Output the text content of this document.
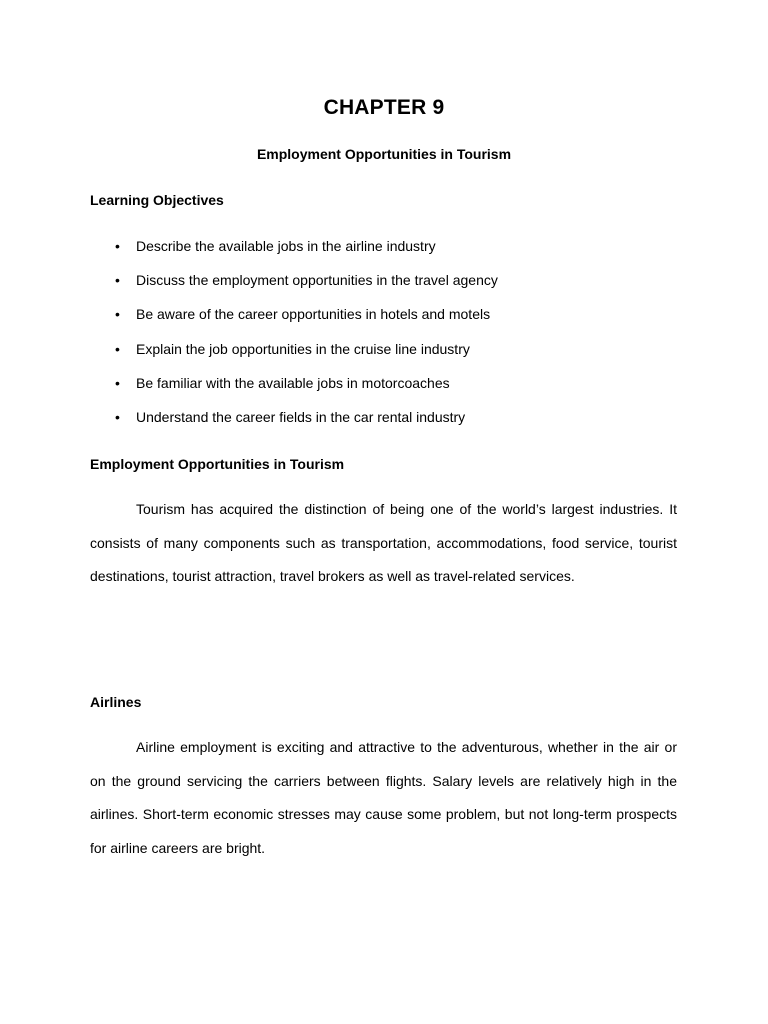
CHAPTER 9
Employment Opportunities in Tourism
Learning Objectives
• Describe the available jobs in the airline industry
• Discuss the employment opportunities in the travel agency
• Be aware of the career opportunities in hotels and motels
• Explain the job opportunities in the cruise line industry
• Be familiar with the available jobs in motorcoaches
• Understand the career fields in the car rental industry
Employment Opportunities in Tourism

Tourism has acquired the distinction of being one of the world’s largest industries. It consists of many components such as transportation, accommodations, food service, tourist destinations, tourist attraction, travel brokers as well as travel-related services.

Airlines

Airline employment is exciting and attractive to the adventurous, whether in the air or on the ground servicing the carriers between flights. Salary levels are relatively high in the airlines. Short-term economic stresses may cause some problem, but not long-term prospects for airline careers are bright.
